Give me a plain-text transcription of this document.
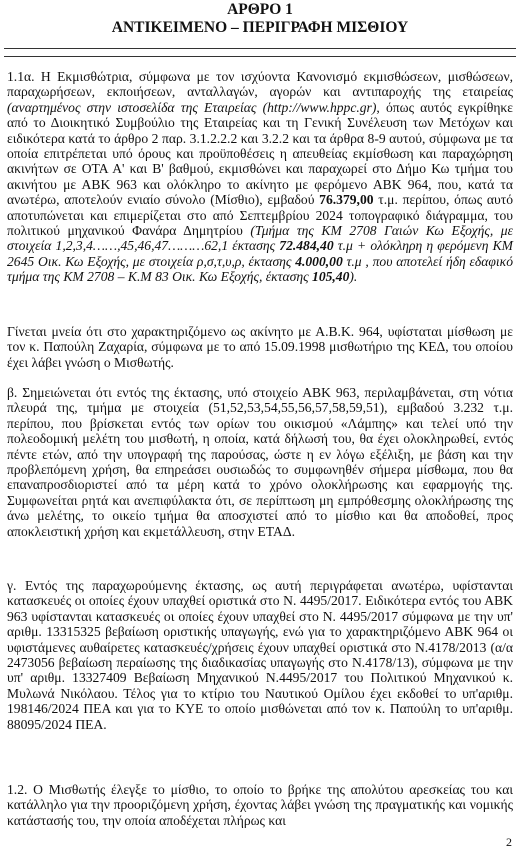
ΑΡΘΡΟ 1
ΑΝΤΙΚΕΙΜΕΝΟ – ΠΕΡΙΓΡΑΦΗ ΜΙΣΘΙΟΥ
1.1α. Η Εκμισθώτρια, σύμφωνα με τον ισχύοντα Κανονισμό εκμισθώσεων, μισθώσεων, παραχωρήσεων, εκποιήσεων, ανταλλαγών, αγορών και αντιπαροχής της εταιρείας (αναρτημένος στην ιστοσελίδα της Εταιρείας (http://www.hppc.gr), όπως αυτός εγκρίθηκε από το Διοικητικό Συμβούλιο της Εταιρείας και τη Γενική Συνέλευση των Μετόχων και ειδικότερα κατά το άρθρο 2 παρ. 3.1.2.2.2 και 3.2.2 και τα άρθρα 8-9 αυτού, σύμφωνα με τα οποία επιτρέπεται υπό όρους και προϋποθέσεις η απευθείας εκμίσθωση και παραχώρηση ακινήτων σε ΟΤΑ Α' και Β' βαθμού, εκμισθώνει και παραχωρεί στο Δήμο Κω τμήμα του ακινήτου με ΑΒΚ 963 και ολόκληρο το ακίνητο με φερόμενο ΑΒΚ 964, που, κατά τα ανωτέρω, αποτελούν ενιαίο σύνολο (Μίσθιο), εμβαδού 76.379,00 τ.μ. περίπου, όπως αυτό αποτυπώνεται και επιμερίζεται στο από Σεπτεμβρίου 2024 τοπογραφικό διάγραμμα, του πολιτικού μηχανικού Φανάρα Δημητρίου (Τμήμα της ΚΜ 2708 Γαιών Κω Εξοχής, με στοιχεία 1,2,3,4……,45,46,47………62,1 έκτασης 72.484,40 τ.μ + ολόκληρη η φερόμενη ΚΜ 2645 Οικ. Κω Εξοχής, με στοιχεία ρ,σ,τ,υ,ρ, έκτασης 4.000,00 τ.μ , που αποτελεί ήδη εδαφικό τμήμα της ΚΜ 2708 – Κ.Μ 83 Οικ. Κω Εξοχής, έκτασης 105,40).
Γίνεται μνεία ότι στο χαρακτηριζόμενο ως ακίνητο με Α.Β.Κ. 964, υφίσταται μίσθωση με τον κ. Παπούλη Ζαχαρία, σύμφωνα με το από 15.09.1998 μισθωτήριο της ΚΕΔ, του οποίου έχει λάβει γνώση ο Μισθωτής.
β. Σημειώνεται ότι εντός της έκτασης, υπό στοιχείο ΑΒΚ 963, περιλαμβάνεται, στη νότια πλευρά της, τμήμα με στοιχεία (51,52,53,54,55,56,57,58,59,51), εμβαδού 3.232 τ.μ. περίπου, που βρίσκεται εντός των ορίων του οικισμού «Λάμπης» και τελεί υπό την πολεοδομική μελέτη του μισθωτή, η οποία, κατά δήλωσή του, θα έχει ολοκληρωθεί, εντός πέντε ετών, από την υπογραφή της παρούσας, ώστε η εν λόγω εξέλιξη, με βάση και την προβλεπόμενη χρήση, θα επηρεάσει ουσιωδώς το συμφωνηθέν σήμερα μίσθωμα, που θα επαναπροσδιοριστεί από τα μέρη κατά το χρόνο ολοκλήρωσης και εφαρμογής της. Συμφωνείται ρητά και ανεπιφύλακτα ότι, σε περίπτωση μη εμπρόθεσμης ολοκλήρωσης της άνω μελέτης, το οικείο τμήμα θα αποσχιστεί από το μίσθιο και θα αποδοθεί, προς αποκλειστική χρήση και εκμετάλλευση, στην ΕΤΑΔ.
γ. Εντός της παραχωρούμενης έκτασης, ως αυτή περιγράφεται ανωτέρω, υφίστανται κατασκευές οι οποίες έχουν υπαχθεί οριστικά στο Ν. 4495/2017. Ειδικότερα εντός του ΑΒΚ 963 υφίστανται κατασκευές οι οποίες έχουν υπαχθεί στο Ν. 4495/2017 σύμφωνα με την υπ' αριθμ. 13315325 βεβαίωση οριστικής υπαγωγής, ενώ για το χαρακτηριζόμενο ΑΒΚ 964 οι υφιστάμενες αυθαίρετες κατασκευές/χρήσεις έχουν υπαχθεί οριστικά στο Ν.4178/2013 (α/α 2473056 βεβαίωση περαίωσης της διαδικασίας υπαγωγής στο Ν.4178/13), σύμφωνα με την υπ' αριθμ. 13327409 Βεβαίωση Μηχανικού Ν.4495/2017 του Πολιτικού Μηχανικού κ. Μυλωνά Νικόλαου. Τέλος για το κτίριο του Ναυτικού Ομίλου έχει εκδοθεί το υπ'αριθμ. 198146/2024 ΠΕΑ και για το ΚΥΕ το οποίο μισθώνεται από τον κ. Παπούλη το υπ'αριθμ. 88095/2024 ΠΕΑ.
1.2. Ο Μισθωτής έλεγξε το μίσθιο, το οποίο το βρήκε της απολύτου αρεσκείας του και κατάλληλο για την προοριζόμενη χρήση, έχοντας λάβει γνώση της πραγματικής και νομικής κατάστασής του, την οποία αποδέχεται πλήρως και
2
